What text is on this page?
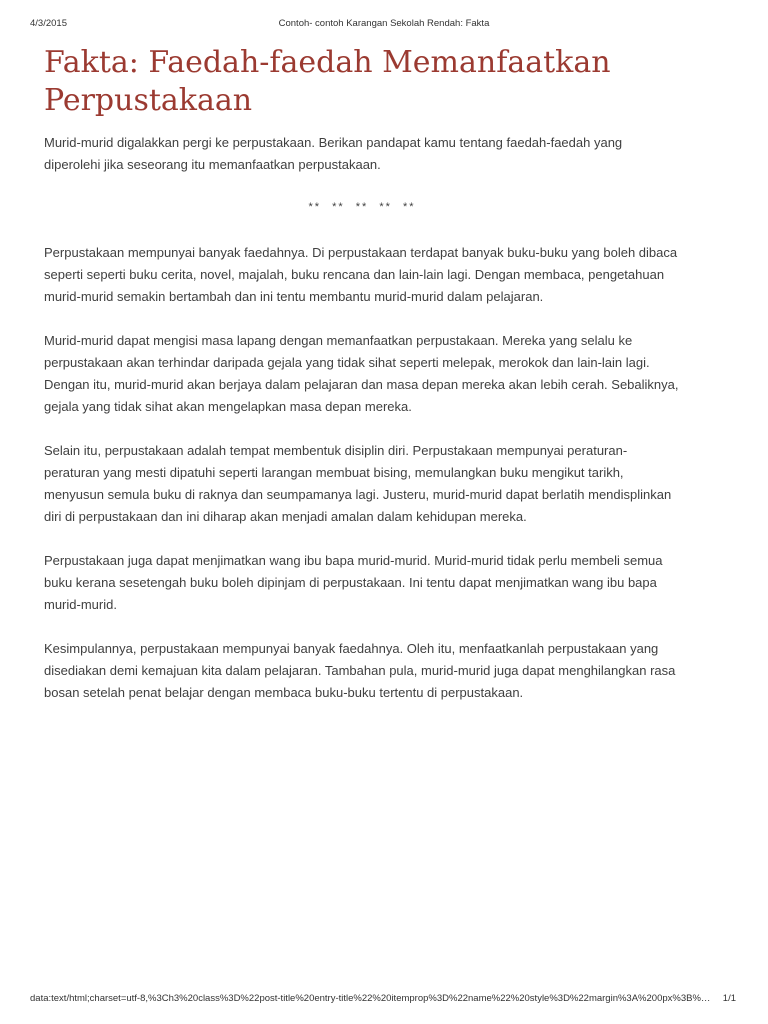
4/3/2015	Contoh- contoh Karangan Sekolah Rendah: Fakta
Fakta: Faedah-faedah Memanfaatkan Perpustakaan

Murid-murid digalakkan pergi ke perpustakaan. Berikan pandapat kamu tentang faedah-faedah yang diperolehi jika seseorang itu memanfaatkan perpustakaan.

** ** ** ** **

Perpustakaan mempunyai banyak faedahnya. Di perpustakaan terdapat banyak buku-buku yang boleh dibaca seperti seperti buku cerita, novel, majalah, buku rencana dan lain-lain lagi. Dengan membaca, pengetahuan murid-murid semakin bertambah dan ini tentu membantu murid-murid dalam pelajaran.

Murid-murid dapat mengisi masa lapang dengan memanfaatkan perpustakaan. Mereka yang selalu ke perpustakaan akan terhindar daripada gejala yang tidak sihat seperti melepak, merokok dan lain-lain lagi. Dengan itu, murid-murid akan berjaya dalam pelajaran dan masa depan mereka akan lebih cerah. Sebaliknya, gejala yang tidak sihat akan mengelapkan masa depan mereka.

Selain itu, perpustakaan adalah tempat membentuk disiplin diri. Perpustakaan mempunyai peraturan-peraturan yang mesti dipatuhi seperti larangan membuat bising, memulangkan buku mengikut tarikh, menyusun semula buku di raknya dan seumpamanya lagi. Justeru, murid-murid dapat berlatih mendisplinkan diri di perpustakaan dan ini diharap akan menjadi amalan dalam kehidupan mereka.

Perpustakaan juga dapat menjimatkan wang ibu bapa murid-murid. Murid-murid tidak perlu membeli semua buku kerana sesetengah buku boleh dipinjam di perpustakaan. Ini tentu dapat menjimatkan wang ibu bapa murid-murid.

Kesimpulannya, perpustakaan mempunyai banyak faedahnya. Oleh itu, menfaatkanlah perpustakaan yang disediakan demi kemajuan kita dalam pelajaran. Tambahan pula, murid-murid juga dapat menghilangkan rasa bosan setelah penat belajar dengan membaca buku-buku tertentu di perpustakaan.

data:text/html;charset=utf-8,%3Ch3%20class%3D%22post-title%20entry-title%22%20itemprop%3D%22name%22%20style%3D%22margin%3A%200px%3B%…	1/1
